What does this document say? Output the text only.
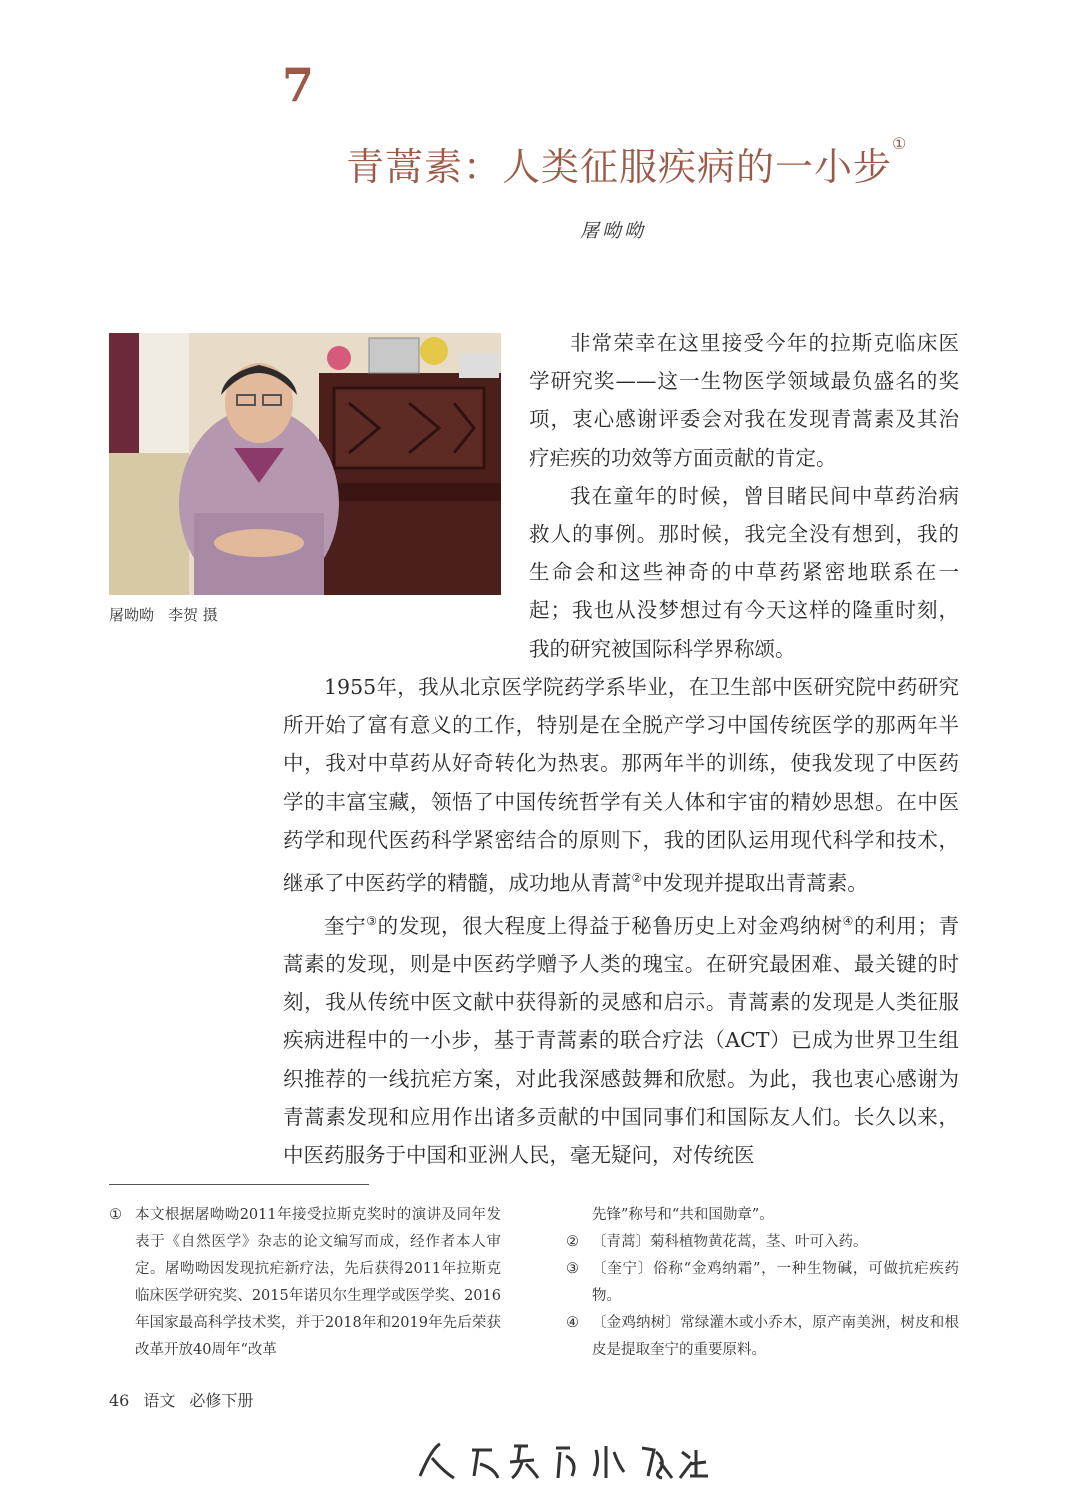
7
青蒿素：人类征服疾病的一小步①
屠呦呦
屠呦呦 李贺 摄

非常荣幸在这里接受今年的拉斯克临床医学研究奖——这一生物医学领域最负盛名的奖项，衷心感谢评委会对我在发现青蒿素及其治疗疟疾的功效等方面贡献的肯定。

我在童年的时候，曾目睹民间中草药治病救人的事例。那时候，我完全没有想到，我的生命会和这些神奇的中草药紧密地联系在一起；我也从没梦想过有今天这样的隆重时刻，我的研究被国际科学界称颂。

1955年，我从北京医学院药学系毕业，在卫生部中医研究院中药研究所开始了富有意义的工作，特别是在全脱产学习中国传统医学的那两年半中，我对中草药从好奇转化为热衷。那两年半的训练，使我发现了中医药学的丰富宝藏，领悟了中国传统哲学有关人体和宇宙的精妙思想。在中医药学和现代医药科学紧密结合的原则下，我的团队运用现代科学和技术，继承了中医药学的精髓，成功地从青蒿②中发现并提取出青蒿素。

奎宁③的发现，很大程度上得益于秘鲁历史上对金鸡纳树④的利用；青蒿素的发现，则是中医药学赠予人类的瑰宝。在研究最困难、最关键的时刻，我从传统中医文献中获得新的灵感和启示。青蒿素的发现是人类征服疾病进程中的一小步，基于青蒿素的联合疗法（ACT）已成为世界卫生组织推荐的一线抗疟方案，对此我深感鼓舞和欣慰。为此，我也衷心感谢为青蒿素发现和应用作出诸多贡献的中国同事们和国际友人们。长久以来，中医药服务于中国和亚洲人民，毫无疑问，对传统医

① 本文根据屠呦呦2011年接受拉斯克奖时的演讲及同年发表于《自然医学》杂志的论文编写而成，经作者本人审定。屠呦呦因发现抗疟新疗法，先后获得2011年拉斯克临床医学研究奖、2015年诺贝尔生理学或医学奖、2016年国家最高科学技术奖，并于2018年和2019年先后荣获改革开放40周年“改革
先锋”称号和“共和国勋章”。
② 〔青蒿〕菊科植物黄花蒿，茎、叶可入药。
③ 〔奎宁〕俗称“金鸡纳霜”，一种生物碱，可做抗疟疾药物。
④ 〔金鸡纳树〕常绿灌木或小乔木，原产南美洲，树皮和根皮是提取奎宁的重要原料。
46 语文 必修下册
